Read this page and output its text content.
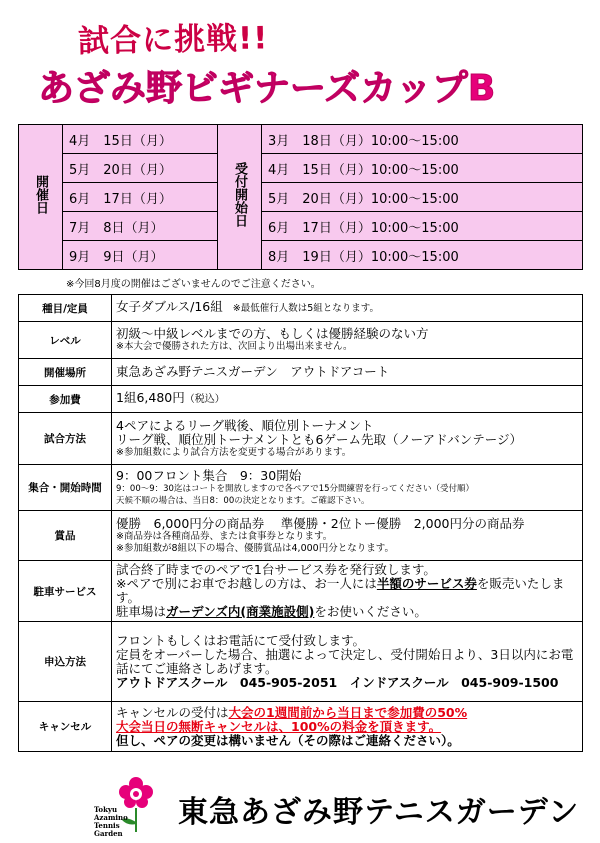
試合に挑戦!!
あざみ野ビギナーズカップB
開催日	4月　15日（月）	受付開始日	3月　18日（月）10:00～15:00
	5月　20日（月）		4月　15日（月）10:00～15:00
	6月　17日（月）		5月　20日（月）10:00～15:00
	7月　8日（月）		6月　17日（月）10:00～15:00
	9月　9日（月）		8月　19日（月）10:00～15:00
※今回8月度の開催はございませんのでご注意ください。
種目/定員	女子ダブルス/16組 ※最低催行人数は5組となります。
レベル	初級～中級レベルまでの方、もしくは優勝経験のない方
※本大会で優勝された方は、次回より出場出来ません。

開催場所	東急あざみ野テニスガーデン　アウトドアコート
参加費	1組6,480円（税込）
試合方法	4ペアによるリーグ戦後、順位別トーナメント
リーグ戦、順位別トーナメントとも6ゲーム先取（ノーアドバンテージ）
※参加組数により試合方法を変更する場合があります。

集合・開始時間	9：00フロント集合　9：30開始
9：00～9：30迄はコートを開放しますので各ペアで15分間練習を行ってください（受付順）
天候不順の場合は、当日8：00の決定となります。ご確認下さい。

賞品	優勝　6,000円分の商品券　 準優勝・2位トー優勝　2,000円分の商品券
※商品券は各種商品券、または食事券となります。
※参加組数が8組以下の場合、優勝賞品は4,000円分となります。

駐車サービス	試合終了時までのペアで1台サービス券を発行致します。
※ペアで別にお車でお越しの方は、お一人には半額のサービス券を販売いたします。
駐車場はガーデンズ内(商業施設側)をお使いください。

申込方法	フロントもしくはお電話にて受付致します。
定員をオーバーした場合、抽選によって決定し、受付開始日より、3日以内にお電話にてご連絡さしあげます。
アウトドアスクール　045-905-2051　インドアスクール　045-909-1500

キャンセル	キャンセルの受付は大会の1週間前から当日まで参加費の50%
大会当日の無断キャンセルは、100%の料金を頂きます。
但し、ペアの変更は構いません（その際はご連絡ください）。
Tokyu
Azamino
Tennis
Garden
東急あざみ野テニスガーデン
